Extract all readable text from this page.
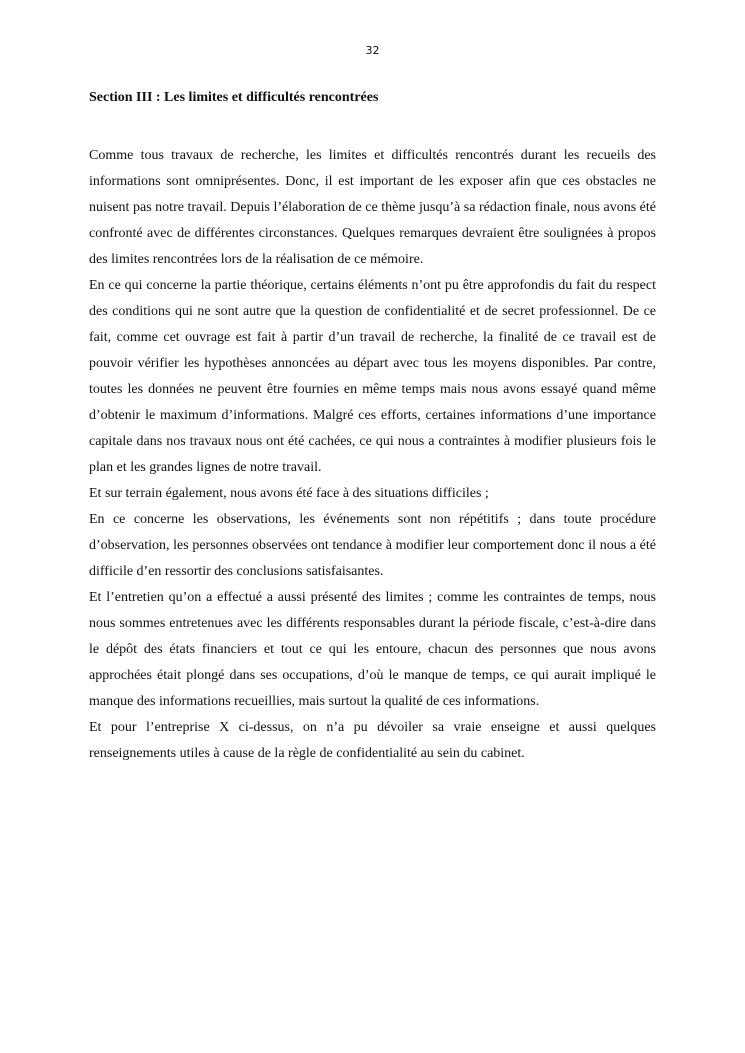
32
Section III : Les limites et difficultés rencontrées

Comme tous travaux de recherche, les limites et difficultés rencontrés durant les recueils des informations sont omniprésentes. Donc, il est important de les exposer afin que ces obstacles ne nuisent pas notre travail. Depuis l’élaboration de ce thème jusqu’à sa rédaction finale, nous avons été confronté avec de différentes circonstances. Quelques remarques devraient être soulignées à propos des limites rencontrées lors de la réalisation de ce mémoire.

En ce qui concerne la partie théorique, certains éléments n’ont pu être approfondis du fait du respect des conditions qui ne sont autre que la question de confidentialité et de secret professionnel. De ce fait, comme cet ouvrage est fait à partir d’un travail de recherche, la finalité de ce travail est de pouvoir vérifier les hypothèses annoncées au départ avec tous les moyens disponibles. Par contre, toutes les données ne peuvent être fournies en même temps mais nous avons essayé quand même d’obtenir le maximum d’informations. Malgré ces efforts, certaines informations d’une importance capitale dans nos travaux nous ont été cachées, ce qui nous a contraintes à modifier plusieurs fois le plan et les grandes lignes de notre travail.

Et sur terrain également, nous avons été face à des situations difficiles ;

En ce concerne les observations, les événements sont non répétitifs ; dans toute procédure d’observation, les personnes observées ont tendance à modifier leur comportement donc il nous a été difficile d’en ressortir des conclusions satisfaisantes.

Et l’entretien qu’on a effectué a aussi présenté des limites ; comme les contraintes de temps, nous nous sommes entretenues avec les différents responsables durant la période fiscale, c’est-à-dire dans le dépôt des états financiers et tout ce qui les entoure, chacun des personnes que nous avons approchées était plongé dans ses occupations, d’où le manque de temps, ce qui aurait impliqué le manque des informations recueillies, mais surtout la qualité de ces informations.

Et pour l’entreprise X ci-dessus, on n’a pu dévoiler sa vraie enseigne et aussi quelques renseignements utiles à cause de la règle de confidentialité au sein du cabinet.
